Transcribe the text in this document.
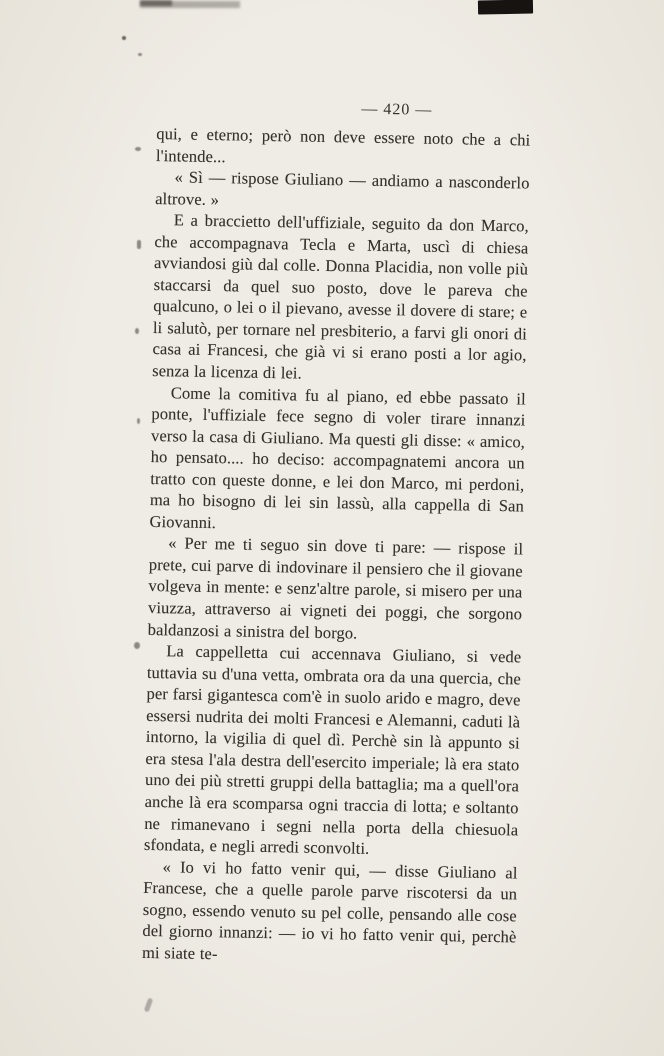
— 420 —

qui, e eterno; però non deve essere noto che a chi l'intende...

« Sì — rispose Giuliano — andiamo a nasconderlo altrove. »

E a braccietto dell'uffiziale, seguito da don Marco, che accompagnava Tecla e Marta, uscì di chiesa avviandosi giù dal colle. Donna Placidia, non volle più staccarsi da quel suo posto, dove le pareva che qualcuno, o lei o il pievano, avesse il dovere di stare; e li salutò, per tornare nel presbiterio, a farvi gli onori di casa ai Francesi, che già vi si erano posti a lor agio, senza la licenza di lei.

Come la comitiva fu al piano, ed ebbe passato il ponte, l'uffiziale fece segno di voler tirare innanzi verso la casa di Giuliano. Ma questi gli disse: « amico, ho pensato.... ho deciso: accompagnatemi ancora un tratto con queste donne, e lei don Marco, mi perdoni, ma ho bisogno di lei sin lassù, alla cappella di San Giovanni.

« Per me ti seguo sin dove ti pare: — rispose il prete, cui parve di indovinare il pensiero che il giovane volgeva in mente: e senz'altre parole, si misero per una viuzza, attraverso ai vigneti dei poggi, che sorgono baldanzosi a sinistra del borgo.

La cappelletta cui accennava Giuliano, si vede tuttavia su d'una vetta, ombrata ora da una quercia, che per farsi gigantesca com'è in suolo arido e magro, deve essersi nudrita dei molti Francesi e Alemanni, caduti là intorno, la vigilia di quel dì. Perchè sin là appunto si era stesa l'ala destra dell'esercito imperiale; là era stato uno dei più stretti gruppi della battaglia; ma a quell'ora anche là era scomparsa ogni traccia di lotta; e soltanto ne rimanevano i segni nella porta della chiesuola sfondata, e negli arredi sconvolti.

« Io vi ho fatto venir qui, — disse Giuliano al Francese, che a quelle parole parve riscotersi da un sogno, essendo venuto su pel colle, pensando alle cose del giorno innanzi: — io vi ho fatto venir qui, perchè mi siate te-
